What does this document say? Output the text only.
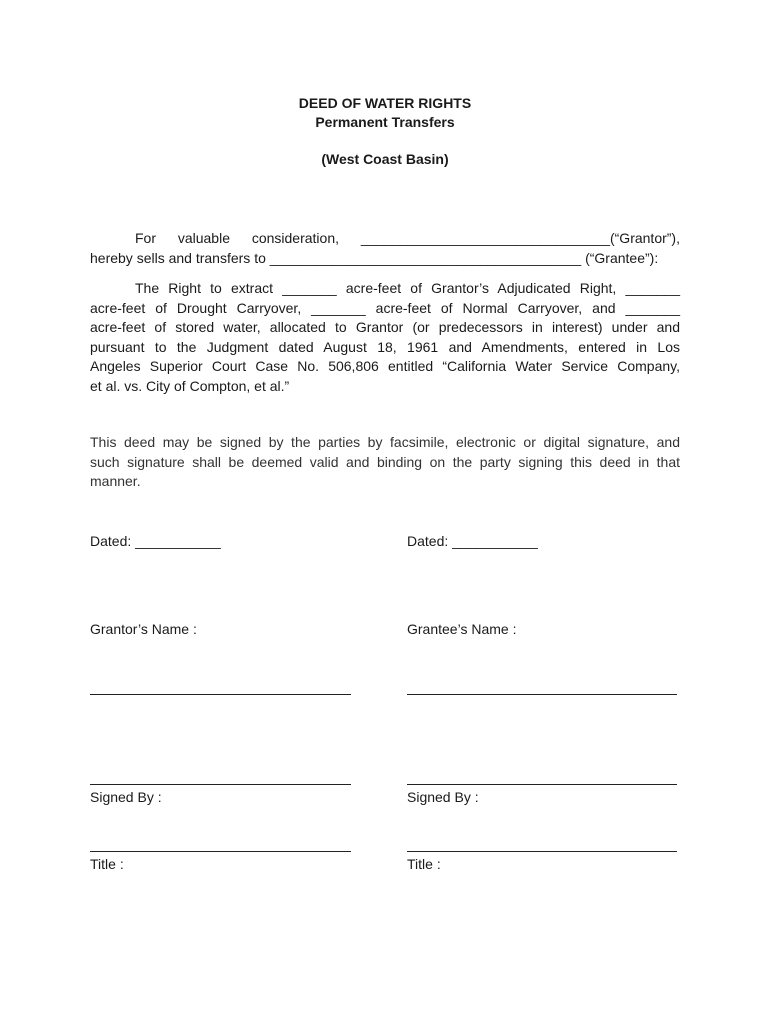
DEED OF WATER RIGHTS
Permanent Transfers
(West Coast Basin)
For valuable consideration, ________________________________(“Grantor”),
hereby sells and transfers to ________________________________________ (“Grantee”):
The Right to extract _______ acre-feet of Grantor’s Adjudicated Right, _______
acre-feet of Drought Carryover, _______ acre-feet of Normal Carryover, and _______
acre-feet of stored water, allocated to Grantor (or predecessors in interest) under and
pursuant to the Judgment dated August 18, 1961 and Amendments, entered in Los
Angeles Superior Court Case No. 506,806 entitled “California Water Service Company,
et al. vs. City of Compton, et al.”
This deed may be signed by the parties by facsimile, electronic or digital signature, and
such signature shall be deemed valid and binding on the party signing this deed in that
manner.
Dated: ___________
Grantor’s Name :
Signed By :
Title :
Dated: ___________
Grantee’s Name :
Signed By :
Title :
